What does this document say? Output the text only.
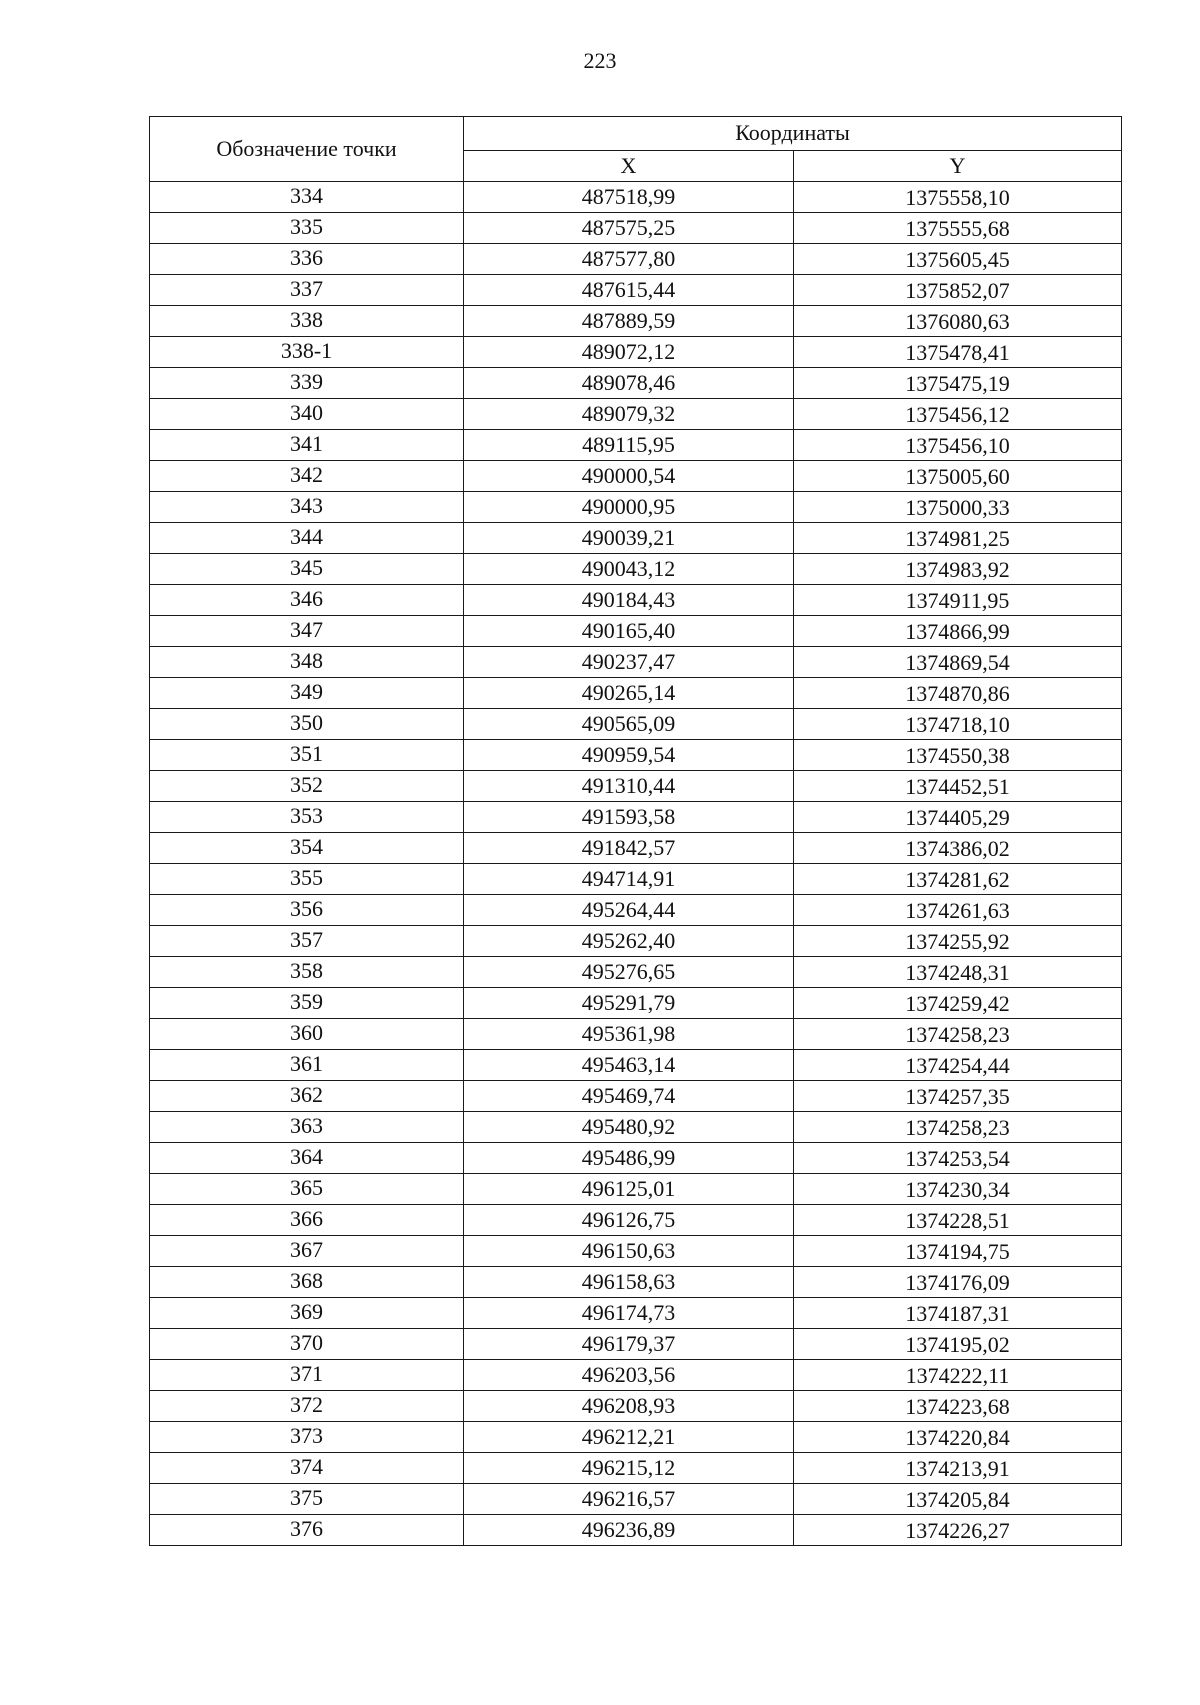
223
Обозначение точки	Координаты	
	X	Y
334	487518,99	1375558,10
335	487575,25	1375555,68
336	487577,80	1375605,45
337	487615,44	1375852,07
338	487889,59	1376080,63
338-1	489072,12	1375478,41
339	489078,46	1375475,19
340	489079,32	1375456,12
341	489115,95	1375456,10
342	490000,54	1375005,60
343	490000,95	1375000,33
344	490039,21	1374981,25
345	490043,12	1374983,92
346	490184,43	1374911,95
347	490165,40	1374866,99
348	490237,47	1374869,54
349	490265,14	1374870,86
350	490565,09	1374718,10
351	490959,54	1374550,38
352	491310,44	1374452,51
353	491593,58	1374405,29
354	491842,57	1374386,02
355	494714,91	1374281,62
356	495264,44	1374261,63
357	495262,40	1374255,92
358	495276,65	1374248,31
359	495291,79	1374259,42
360	495361,98	1374258,23
361	495463,14	1374254,44
362	495469,74	1374257,35
363	495480,92	1374258,23
364	495486,99	1374253,54
365	496125,01	1374230,34
366	496126,75	1374228,51
367	496150,63	1374194,75
368	496158,63	1374176,09
369	496174,73	1374187,31
370	496179,37	1374195,02
371	496203,56	1374222,11
372	496208,93	1374223,68
373	496212,21	1374220,84
374	496215,12	1374213,91
375	496216,57	1374205,84
376	496236,89	1374226,27
